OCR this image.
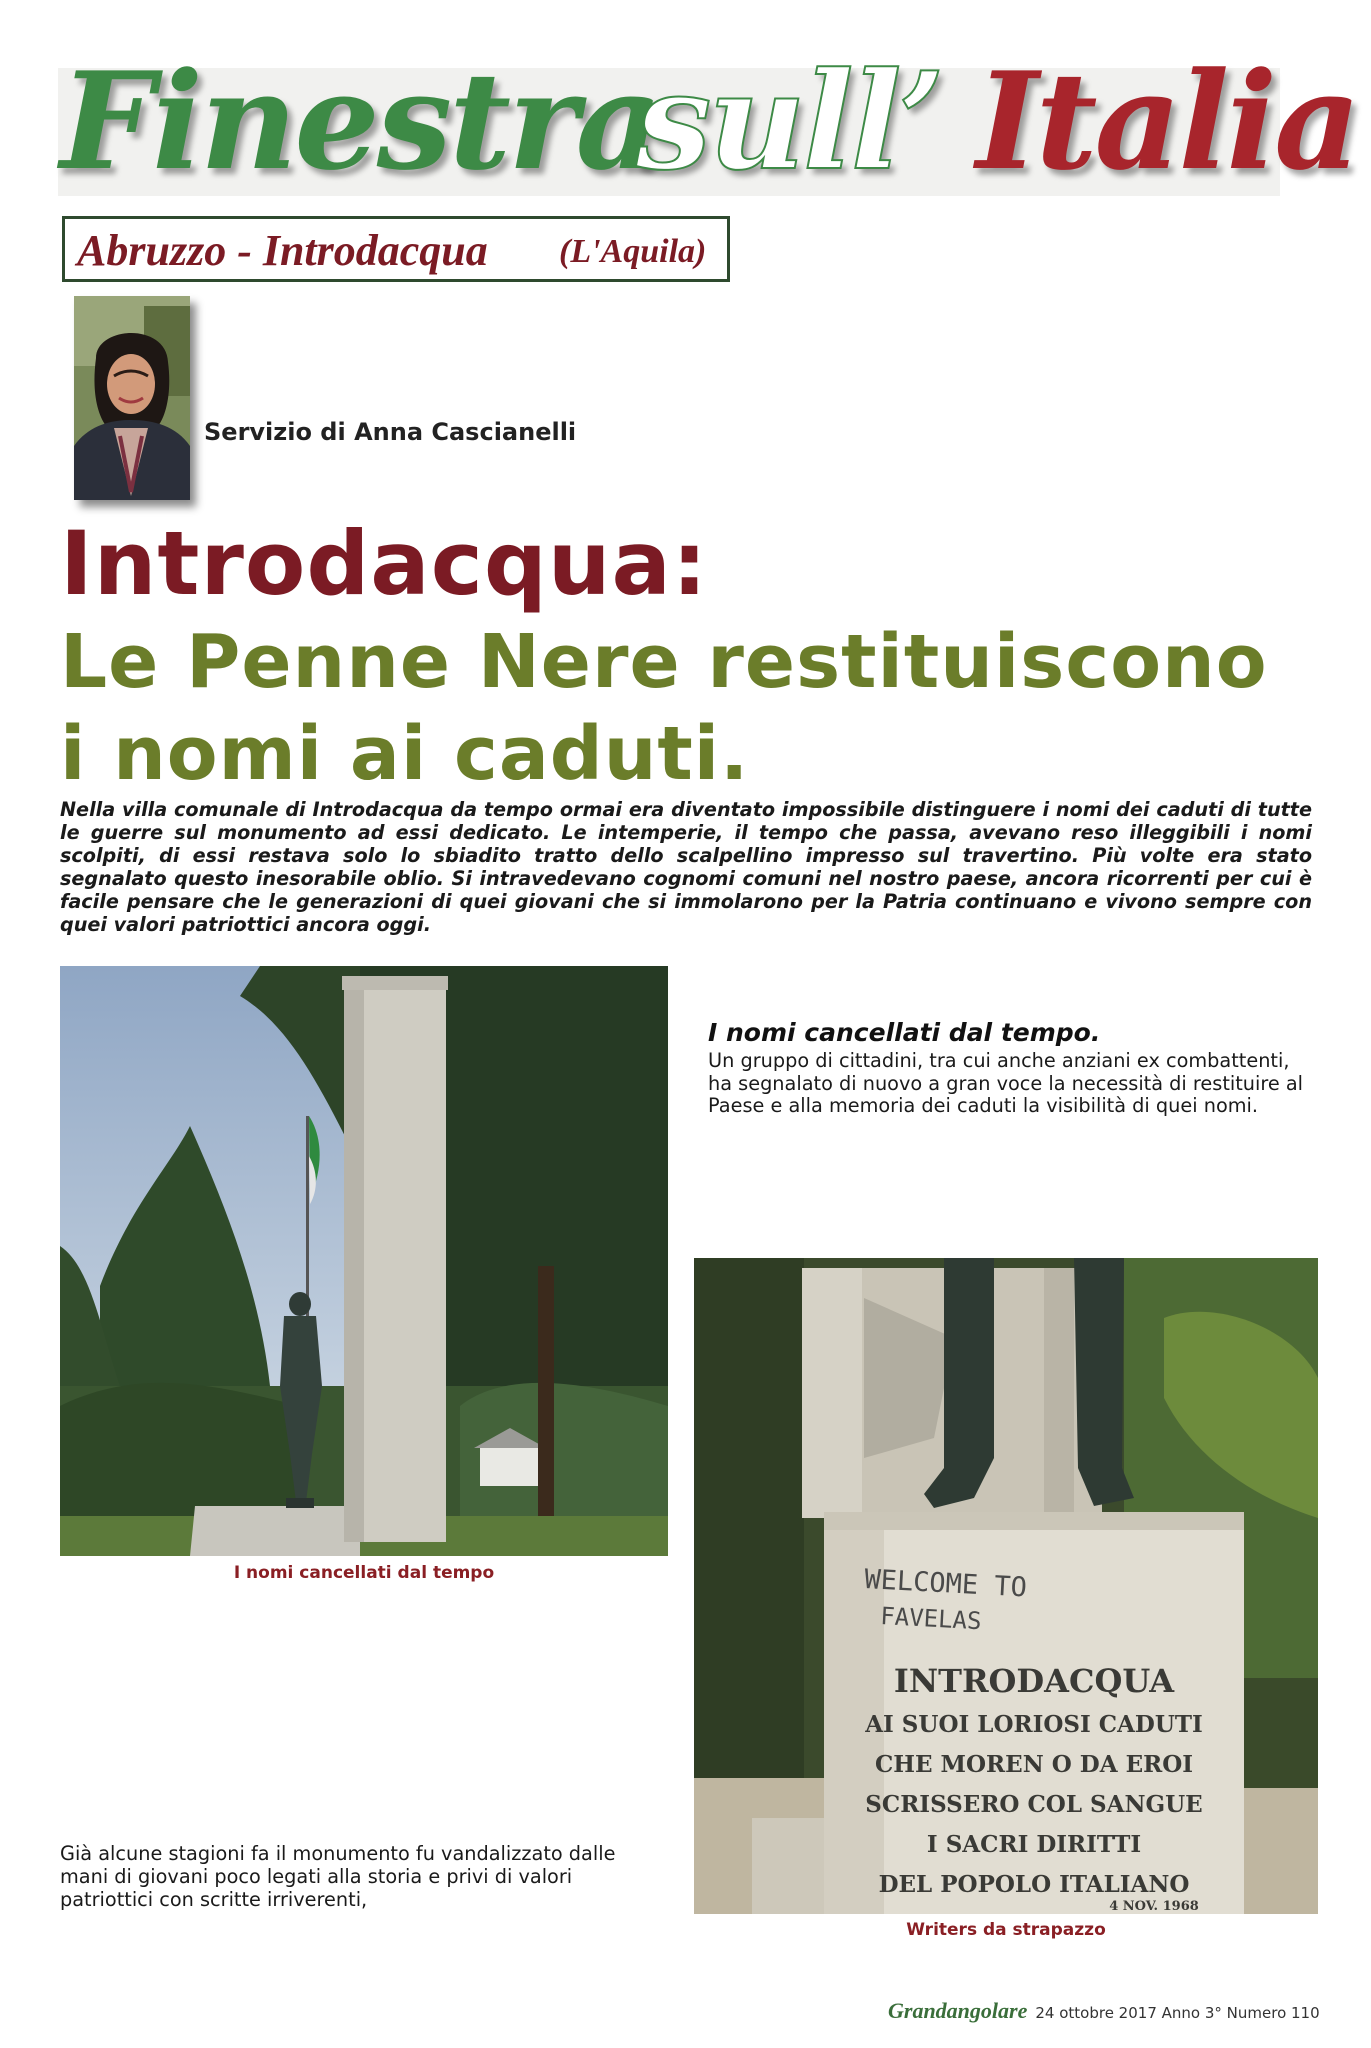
Finestra
sull’ Italia
Abruzzo - Introdacqua (L'Aquila)
Servizio di Anna Cascianelli
Introdacqua:
Le Penne Nere restituiscono i nomi ai caduti.
Nella villa comunale di Introdacqua da tempo ormai era diventato impossibile distinguere i nomi dei caduti di tutte le guerre sul monumento ad essi dedicato. Le intemperie, il tempo che passa, avevano reso illeggibili i nomi scolpiti, di essi restava solo lo sbiadito tratto dello scalpellino impresso sul travertino. Più volte era stato segnalato questo inesorabile oblio. Si intravedevano cognomi comuni nel nostro paese, ancora ricorrenti per cui è facile pensare che le generazioni di quei giovani che si immolarono per la Patria continuano e vivono sempre con quei valori patriottici ancora oggi.
I nomi cancellati dal tempo
I nomi cancellati dal tempo.
Un gruppo di cittadini, tra cui anche anziani ex combattenti, ha segnalato di nuovo a gran voce la necessità di restituire al Paese e alla memoria dei caduti la visibilità di quei nomi.
WELCOME TO
FAVELAS
INTRODACQUA
AI SUOI LORIOSI CADUTI
CHE MOREN O DA EROI
SCRISSERO COL SANGUE
I SACRI DIRITTI
DEL POPOLO ITALIANO
4 NOV. 1968
Writers da strapazzo
Già alcune stagioni fa il monumento fu vandalizzato dalle mani di giovani poco legati alla storia e privi di valori patriottici con scritte irriverenti,
Grandangolare 24 ottobre 2017 Anno 3° Numero 110
